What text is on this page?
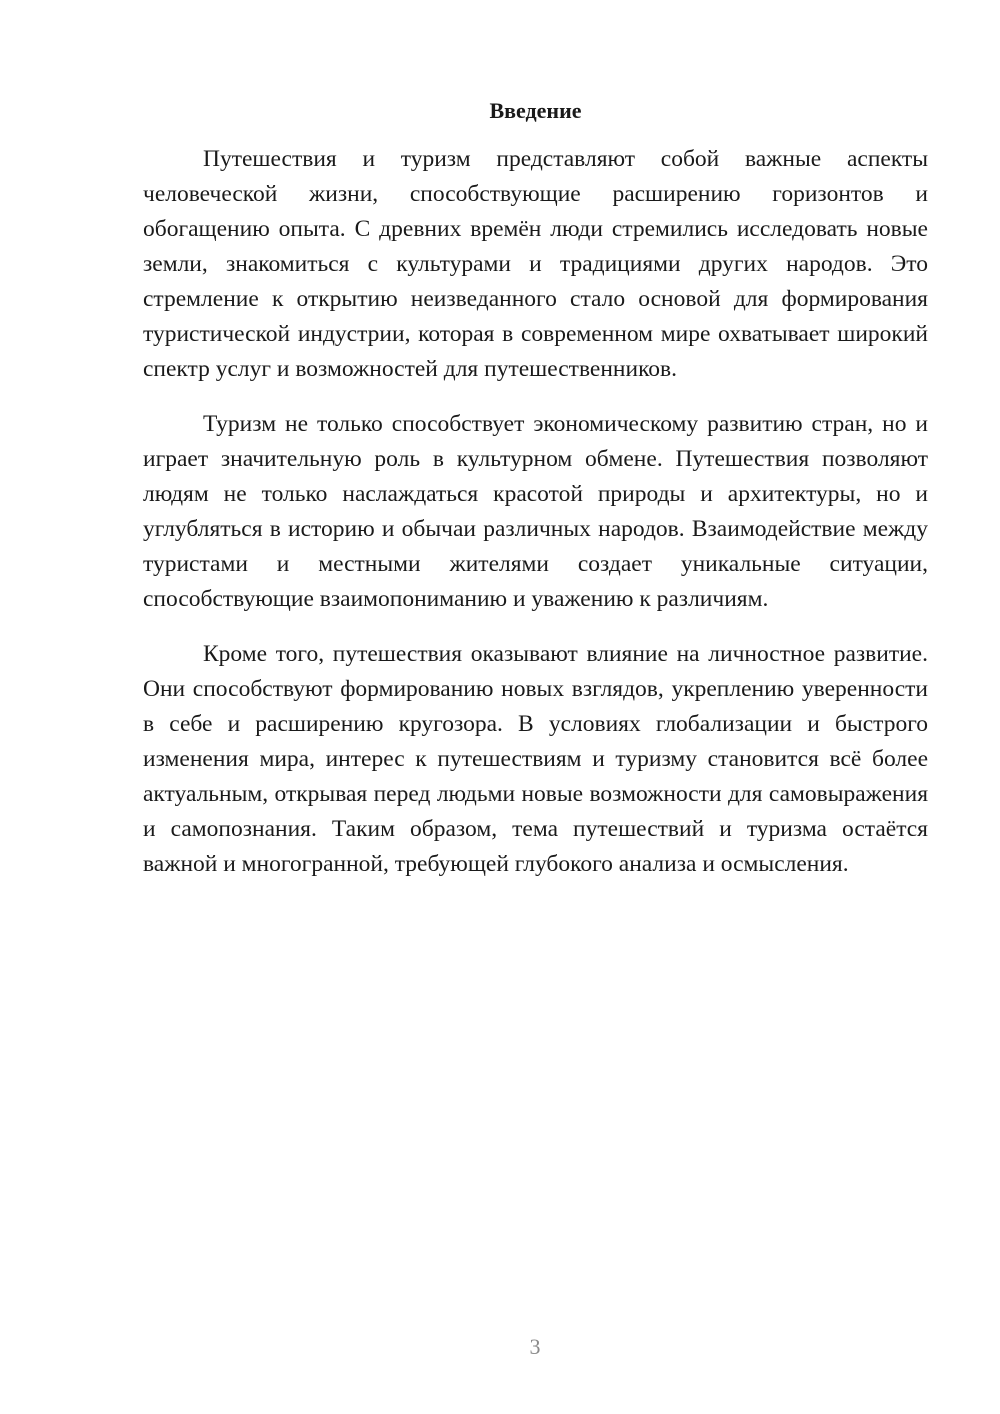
Введение

Путешествия и туризм представляют собой важные аспекты человеческой жизни, способствующие расширению горизонтов и обогащению опыта. С древних времён люди стремились исследовать новые земли, знакомиться с культурами и традициями других народов. Это стремление к открытию неизведанного стало основой для формирования туристической индустрии, которая в современном мире охватывает широкий спектр услуг и возможностей для путешественников.

Туризм не только способствует экономическому развитию стран, но и играет значительную роль в культурном обмене. Путешествия позволяют людям не только наслаждаться красотой природы и архитектуры, но и углубляться в историю и обычаи различных народов. Взаимодействие между туристами и местными жителями создает уникальные ситуации, способствующие взаимопониманию и уважению к различиям.

Кроме того, путешествия оказывают влияние на личностное развитие. Они способствуют формированию новых взглядов, укреплению уверенности в себе и расширению кругозора. В условиях глобализации и быстрого изменения мира, интерес к путешествиям и туризму становится всё более актуальным, открывая перед людьми новые возможности для самовыражения и самопознания. Таким образом, тема путешествий и туризма остаётся важной и многогранной, требующей глубокого анализа и осмысления.

3
